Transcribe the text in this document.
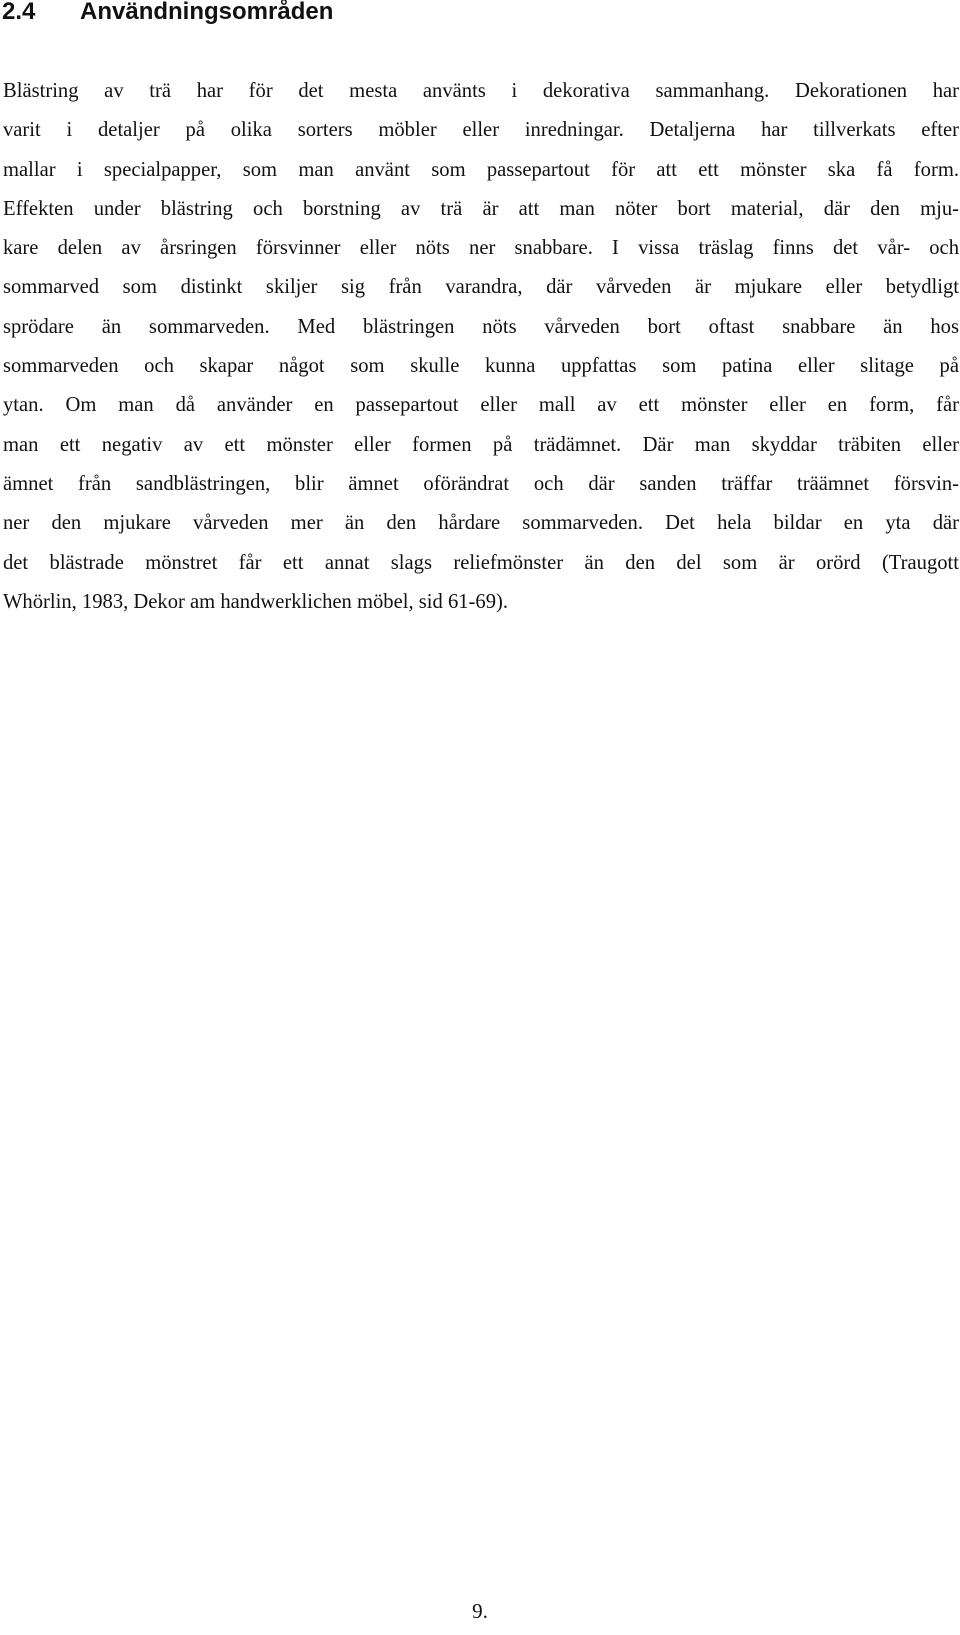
2.4 Användningsområden

Blästring av trä har för det mesta använts i dekorativa sammanhang. Dekorationen har
varit i detaljer på olika sorters möbler eller inredningar. Detaljerna har tillverkats efter
mallar i specialpapper, som man använt som passepartout för att ett mönster ska få form.
Effekten under blästring och borstning av trä är att man nöter bort material, där den mju-
kare delen av årsringen försvinner eller nöts ner snabbare. I vissa träslag finns det vår- och
sommarved som distinkt skiljer sig från varandra, där vårveden är mjukare eller betydligt
sprödare än sommarveden. Med blästringen nöts vårveden bort oftast snabbare än hos
sommarveden och skapar något som skulle kunna uppfattas som patina eller slitage på
ytan. Om man då använder en passepartout eller mall av ett mönster eller en form, får
man ett negativ av ett mönster eller formen på trädämnet. Där man skyddar träbiten eller
ämnet från sandblästringen, blir ämnet oförändrat och där sanden träffar träämnet försvin-
ner den mjukare vårveden mer än den hårdare sommarveden. Det hela bildar en yta där
det blästrade mönstret får ett annat slags reliefmönster än den del som är orörd (Traugott
Whörlin, 1983, Dekor am handwerklichen möbel, sid 61-69).

9.
